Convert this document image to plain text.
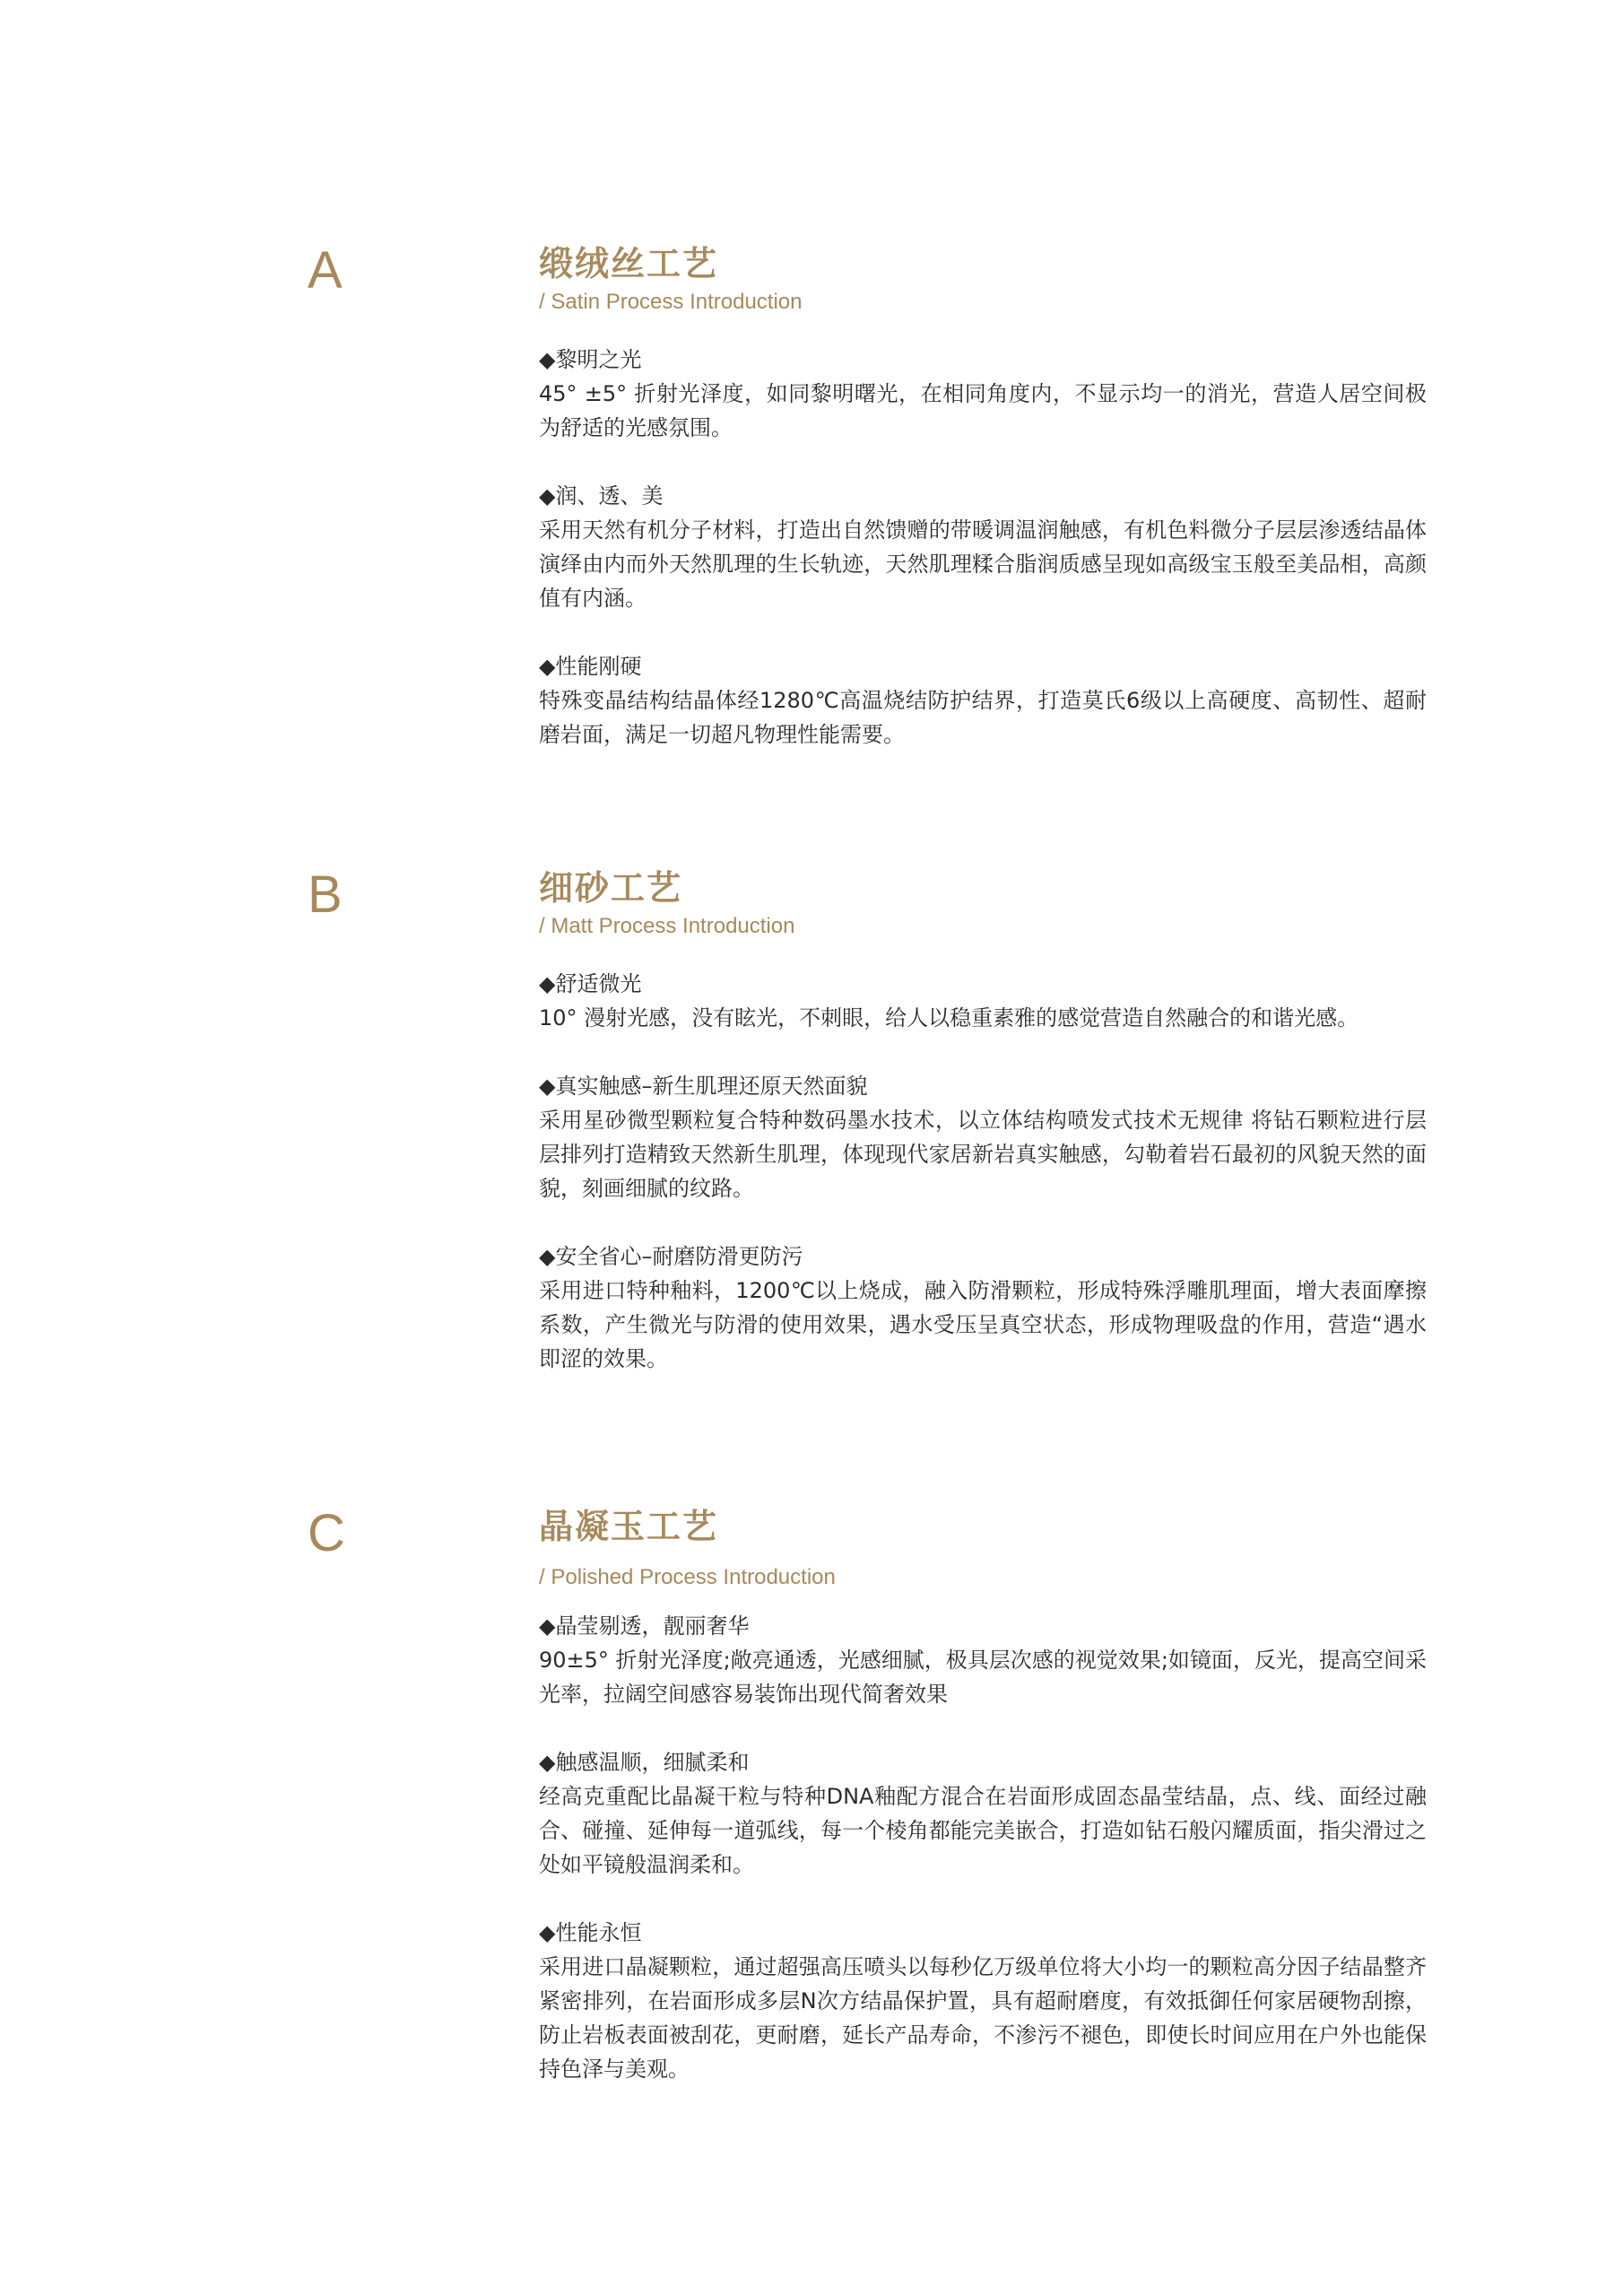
A	缎绒丝工艺
/ Satin Process Introduction

◆黎明之光

45° ±5° 折射光泽度，如同黎明曙光，在相同角度内，不显示均一的消光，营造人居空间极为舒适的光感氛围。

◆润、透、美

采用天然有机分子材料，打造出自然馈赠的带暖调温润触感，有机色料微分子层层渗透结晶体演绎由内而外天然肌理的生长轨迹，天然肌理糅合脂润质感呈现如高级宝玉般至美品相，高颜值有内涵。

◆性能刚硬

特殊变晶结构结晶体经1280℃高温烧结防护结界，打造莫氏6级以上高硬度、高韧性、超耐磨岩面，满足一切超凡物理性能需要。

B	细砂工艺
/ Matt Process Introduction

◆舒适微光

10° 漫射光感，没有眩光，不刺眼，给人以稳重素雅的感觉营造自然融合的和谐光感。

◆真实触感–新生肌理还原天然面貌

采用星砂微型颗粒复合特种数码墨水技术，以立体结构喷发式技术无规律 将钻石颗粒进行层层排列打造精致天然新生肌理，体现现代家居新岩真实触感，勾勒着岩石最初的风貌天然的面貌，刻画细腻的纹路。

◆安全省心–耐磨防滑更防污

采用进口特种釉料，1200℃以上烧成，融入防滑颗粒，形成特殊浮雕肌理面，增大表面摩擦系数，产生微光与防滑的使用效果，遇水受压呈真空状态，形成物理吸盘的作用，营造“遇水即涩的效果。

C	晶凝玉工艺
/ Polished Process Introduction

◆晶莹剔透，靓丽奢华

90±5° 折射光泽度;敞亮通透，光感细腻，极具层次感的视觉效果;如镜面，反光，提高空间采光率，拉阔空间感容易装饰出现代简奢效果

◆触感温顺，细腻柔和

经高克重配比晶凝干粒与特种DNA釉配方混合在岩面形成固态晶莹结晶，点、线、面经过融合、碰撞、延伸每一道弧线，每一个棱角都能完美嵌合，打造如钻石般闪耀质面，指尖滑过之处如平镜般温润柔和。

◆性能永恒

采用进口晶凝颗粒，通过超强高压喷头以每秒亿万级单位将大小均一的颗粒高分因子结晶整齐紧密排列，在岩面形成多层N次方结晶保护置，具有超耐磨度，有效抵御任何家居硬物刮擦，防止岩板表面被刮花，更耐磨，延长产品寿命，不渗污不褪色，即使长时间应用在户外也能保持色泽与美观。
